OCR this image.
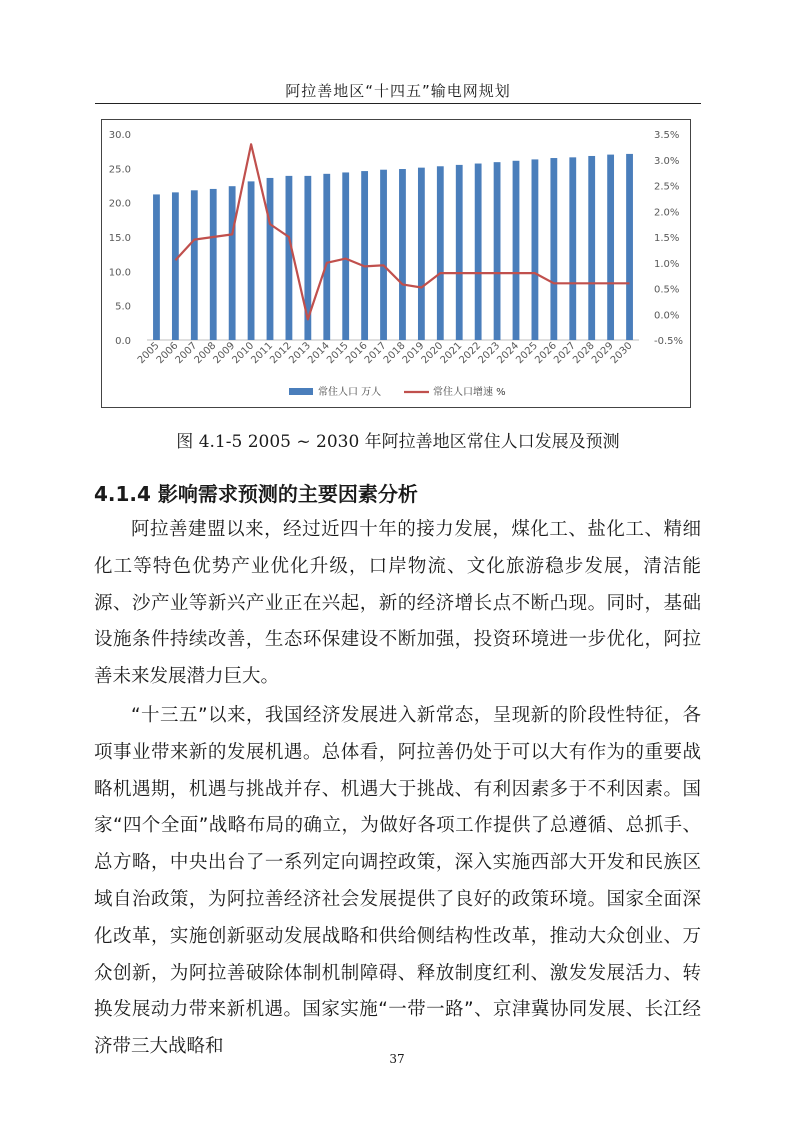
阿拉善地区“十四五”输电网规划
0.0
5.0
10.0
15.0
20.0
25.0
30.0
-0.5%
0.0%
0.5%
1.0%
1.5%
2.0%
2.5%
3.0%
3.5%
2005
2006
2007
2008
2009
2010
2011
2012
2013
2014
2015
2016
2017
2018
2019
2020
2021
2022
2023
2024
2025
2026
2027
2028
2029
2030
常住人口 万人	常住人口增速 %
图 4.1-5 2005 ~ 2030 年阿拉善地区常住人口发展及预测
4.1.4 影响需求预测的主要因素分析

阿拉善建盟以来，经过近四十年的接力发展，煤化工、盐化工、精细化工等特色优势产业优化升级，口岸物流、文化旅游稳步发展，清洁能源、沙产业等新兴产业正在兴起，新的经济增长点不断凸现。同时，基础设施条件持续改善，生态环保建设不断加强，投资环境进一步优化，阿拉善未来发展潜力巨大。

“十三五”以来，我国经济发展进入新常态，呈现新的阶段性特征，各项事业带来新的发展机遇。总体看，阿拉善仍处于可以大有作为的重要战略机遇期，机遇与挑战并存、机遇大于挑战、有利因素多于不利因素。国家“四个全面”战略布局的确立，为做好各项工作提供了总遵循、总抓手、总方略，中央出台了一系列定向调控政策，深入实施西部大开发和民族区域自治政策，为阿拉善经济社会发展提供了良好的政策环境。国家全面深化改革，实施创新驱动发展战略和供给侧结构性改革，推动大众创业、万众创新，为阿拉善破除体制机制障碍、释放制度红利、激发发展活力、转换发展动力带来新机遇。国家实施“一带一路”、京津冀协同发展、长江经济带三大战略和

37
